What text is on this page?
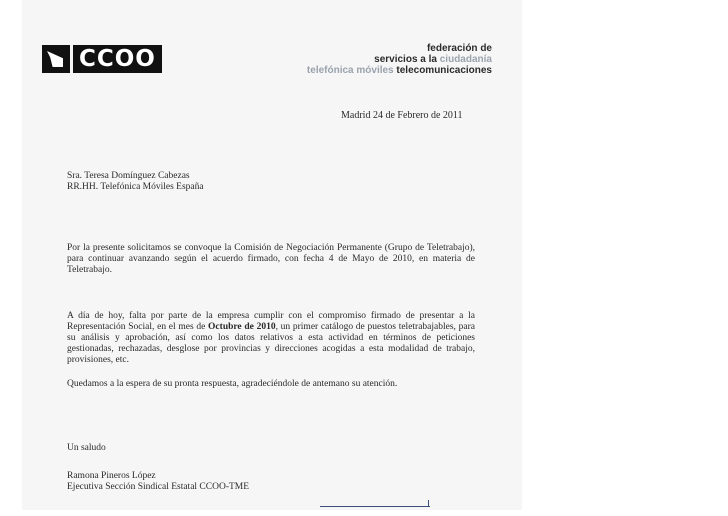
CCOO	federación de
servicios a la ciudadanía
telefónica móviles telecomunicaciones
Madrid 24 de Febrero de 2011
Sra. Teresa Domínguez Cabezas
RR.HH. Telefónica Móviles España
Por la presente solicitamos se convoque la Comisión de Negociación Permanente (Grupo de Teletrabajo), para continuar avanzando según el acuerdo firmado, con fecha 4 de Mayo de 2010, en materia de Teletrabajo.
A día de hoy, falta por parte de la empresa cumplir con el compromiso firmado de presentar a la Representación Social, en el mes de Octubre de 2010, un primer catálogo de puestos teletrabajables, para su análisis y aprobación, así como los datos relativos a esta actividad en términos de peticiones gestionadas, rechazadas, desglose por provincias y direcciones acogidas a esta modalidad de trabajo, provisiones, etc.
Quedamos a la espera de su pronta respuesta, agradeciéndole de antemano su atención.
Un saludo
Ramona Pineros López
Ejecutiva Sección Sindical Estatal CCOO-TME
